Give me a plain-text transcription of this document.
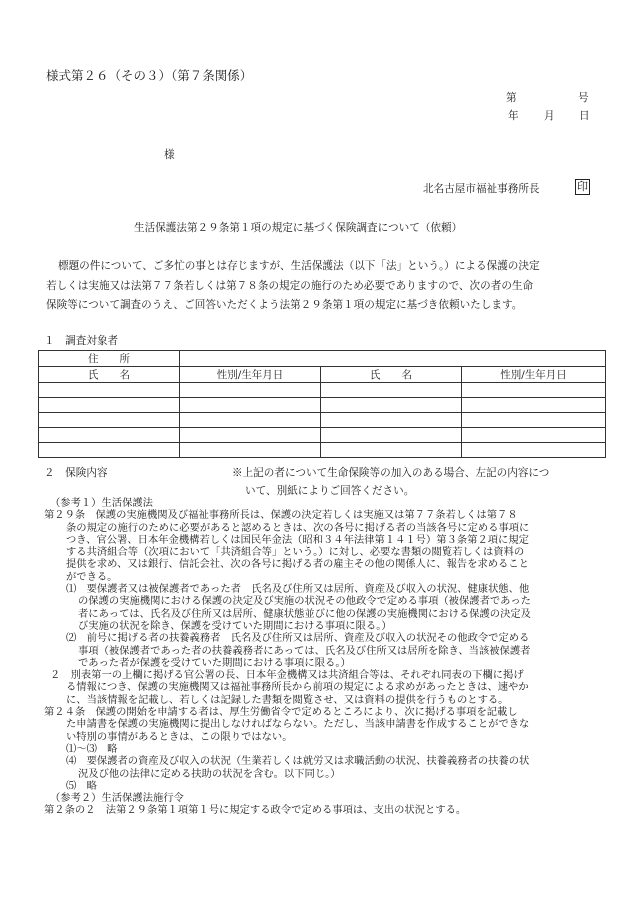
様式第２６（その３）（第７条関係）
第	号
年 月 日
様
北名古屋市福祉事務所長	印
生活保護法第２９条第１項の規定に基づく保険調査について（依頼）
標題の件について、ご多忙の事とは存じますが、生活保護法（以下「法」という。）による保護の決定
若しくは実施又は法第７７条若しくは第７８条の規定の施行のため必要でありますので、次の者の生命
保険等について調査のうえ、ご回答いただくよう法第２９条第１項の規定に基づき依頼いたします。
１　調査対象者
住　　所			
氏　　名	性別/生年月日	氏　　名	性別/生年月日

２　保険内容	※上記の者について生命保険等の加入のある場合、左記の内容につ
いて、別紙によりご回答ください。

（参考１）生活保護法

第２９条　保護の実施機関及び福祉事務所長は、保護の決定若しくは実施又は第７７条若しくは第７８

条の規定の施行のために必要があると認めるときは、次の各号に掲げる者の当該各号に定める事項に

つき、官公署、日本年金機構若しくは国民年金法（昭和３４年法律第１４１号）第３条第２項に規定

する共済組合等（次項において「共済組合等」という。）に対し、必要な書類の閲覧若しくは資料の

提供を求め、又は銀行、信託会社、次の各号に掲げる者の雇主その他の関係人に、報告を求めること

ができる。

⑴　要保護者又は被保護者であった者　氏名及び住所又は居所、資産及び収入の状況、健康状態、他

の保護の実施機関における保護の決定及び実施の状況その他政令で定める事項（被保護者であった

者にあっては、氏名及び住所又は居所、健康状態並びに他の保護の実施機関における保護の決定及

び実施の状況を除き、保護を受けていた期間における事項に限る。）

⑵　前号に掲げる者の扶養義務者　氏名及び住所又は居所、資産及び収入の状況その他政令で定める

事項（被保護者であった者の扶養義務者にあっては、氏名及び住所又は居所を除き、当該被保護者

であった者が保護を受けていた期間における事項に限る。）

２　別表第一の上欄に掲げる官公署の長、日本年金機構又は共済組合等は、それぞれ同表の下欄に掲げ

る情報につき、保護の実施機関又は福祉事務所長から前項の規定による求めがあったときは、速やか

に、当該情報を記載し、若しくは記録した書類を閲覧させ、又は資料の提供を行うものとする。

第２４条　保護の開始を申請する者は、厚生労働省令で定めるところにより、次に掲げる事項を記載し

た申請書を保護の実施機関に提出しなければならない。ただし、当該申請書を作成することができな

い特別の事情があるときは、この限りではない。

⑴～⑶　略

⑷　要保護者の資産及び収入の状況（生業若しくは就労又は求職活動の状況、扶養義務者の扶養の状

況及び他の法律に定める扶助の状況を含む。以下同じ。）

⑸　略

（参考２）生活保護法施行令

第２条の２　法第２９条第１項第１号に規定する政令で定める事項は、支出の状況とする。
